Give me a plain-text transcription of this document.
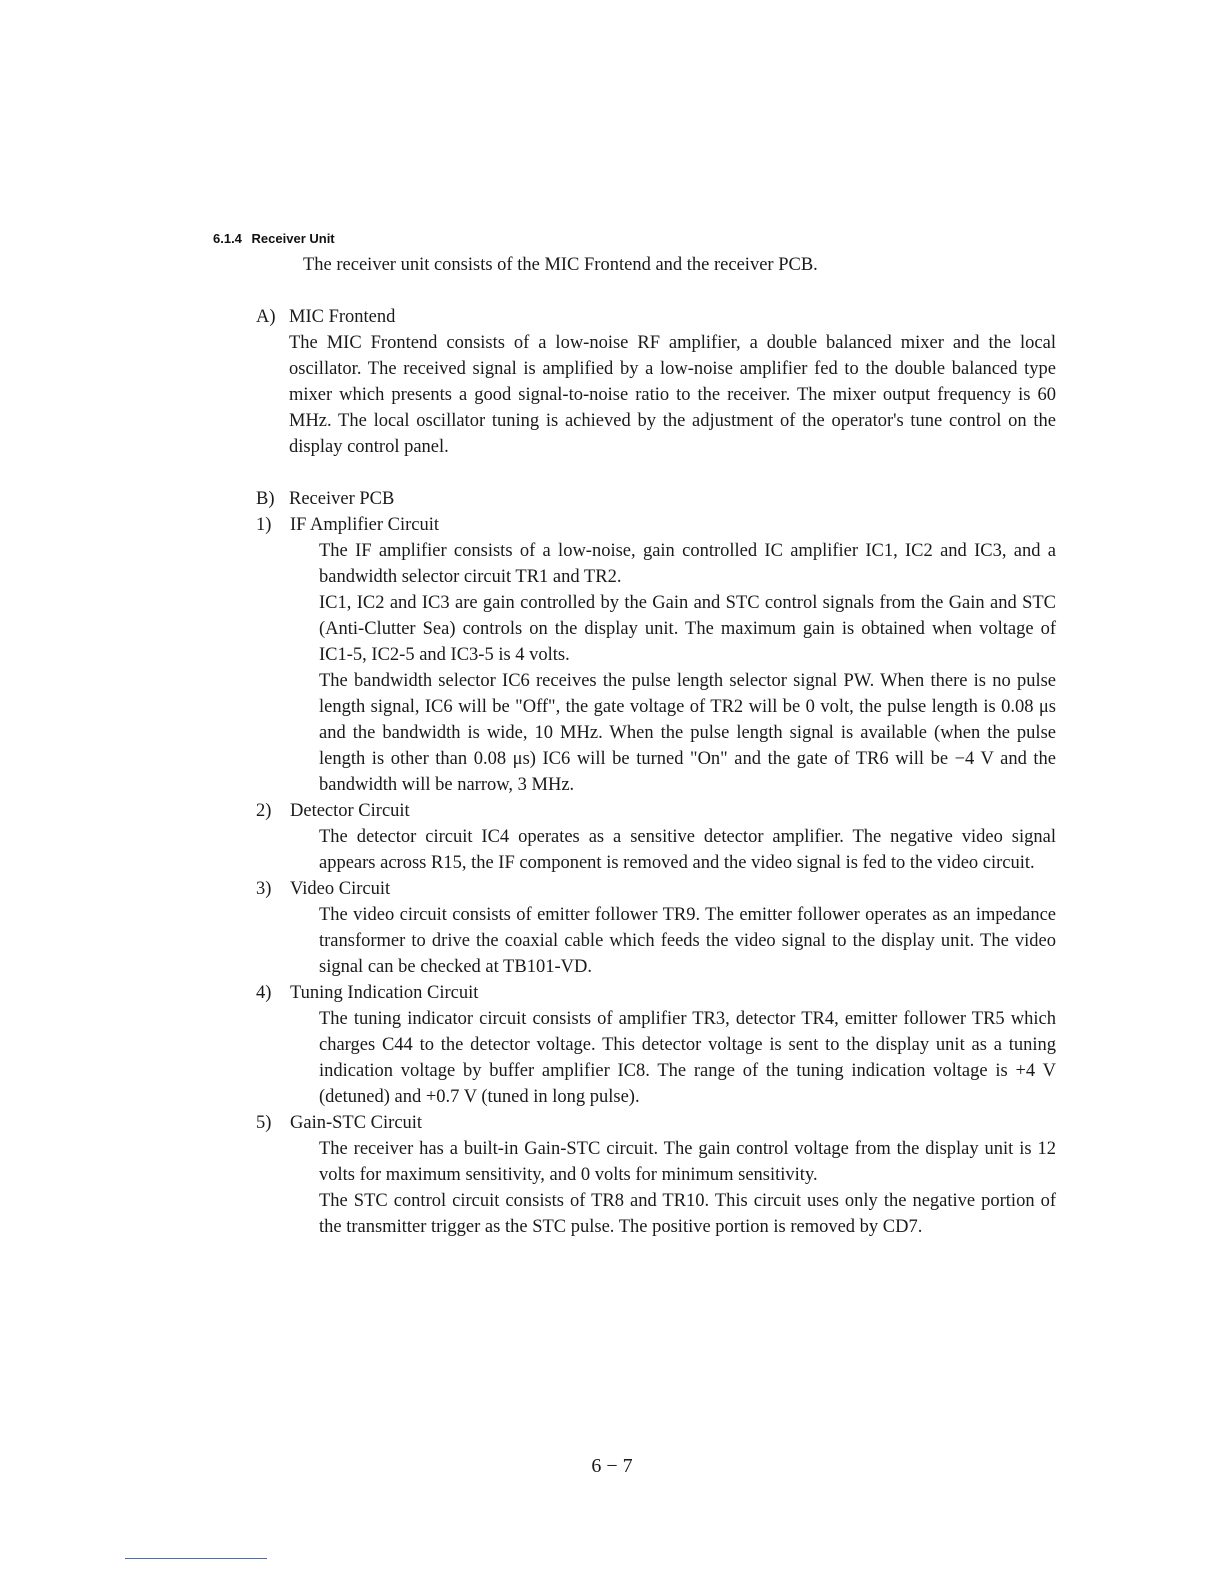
6.1.4 Receiver Unit

The receiver unit consists of the MIC Frontend and the receiver PCB.

A) MIC Frontend

The MIC Frontend consists of a low-noise RF amplifier, a double balanced mixer and the local oscillator. The received signal is amplified by a low-noise amplifier fed to the double balanced type mixer which presents a good signal-to-noise ratio to the receiver. The mixer output frequency is 60 MHz. The local oscillator tuning is achieved by the adjustment of the operator's tune control on the display control panel.

B) Receiver PCB
1)	IF Amplifier Circuit

The IF amplifier consists of a low-noise, gain controlled IC amplifier IC1, IC2 and IC3, and a bandwidth selector circuit TR1 and TR2.

IC1, IC2 and IC3 are gain controlled by the Gain and STC control signals from the Gain and STC (Anti-Clutter Sea) controls on the display unit. The maximum gain is obtained when voltage of IC1-5, IC2-5 and IC3-5 is 4 volts.

The bandwidth selector IC6 receives the pulse length selector signal PW. When there is no pulse length signal, IC6 will be "Off", the gate voltage of TR2 will be 0 volt, the pulse length is 0.08 μs and the bandwidth is wide, 10 MHz. When the pulse length signal is available (when the pulse length is other than 0.08 μs) IC6 will be turned "On" and the gate of TR6 will be −4 V and the bandwidth will be narrow, 3 MHz.

2)	Detector Circuit

The detector circuit IC4 operates as a sensitive detector amplifier. The negative video signal appears across R15, the IF component is removed and the video signal is fed to the video circuit.

3)	Video Circuit

The video circuit consists of emitter follower TR9. The emitter follower operates as an impedance transformer to drive the coaxial cable which feeds the video signal to the display unit. The video signal can be checked at TB101-VD.

4)	Tuning Indication Circuit

The tuning indicator circuit consists of amplifier TR3, detector TR4, emitter follower TR5 which charges C44 to the detector voltage. This detector voltage is sent to the display unit as a tuning indication voltage by buffer amplifier IC8. The range of the tuning indication voltage is +4 V (detuned) and +0.7 V (tuned in long pulse).

5)	Gain-STC Circuit

The receiver has a built-in Gain-STC circuit. The gain control voltage from the display unit is 12 volts for maximum sensitivity, and 0 volts for minimum sensitivity.

The STC control circuit consists of TR8 and TR10. This circuit uses only the negative portion of the transmitter trigger as the STC pulse. The positive portion is removed by CD7.

6 − 7
